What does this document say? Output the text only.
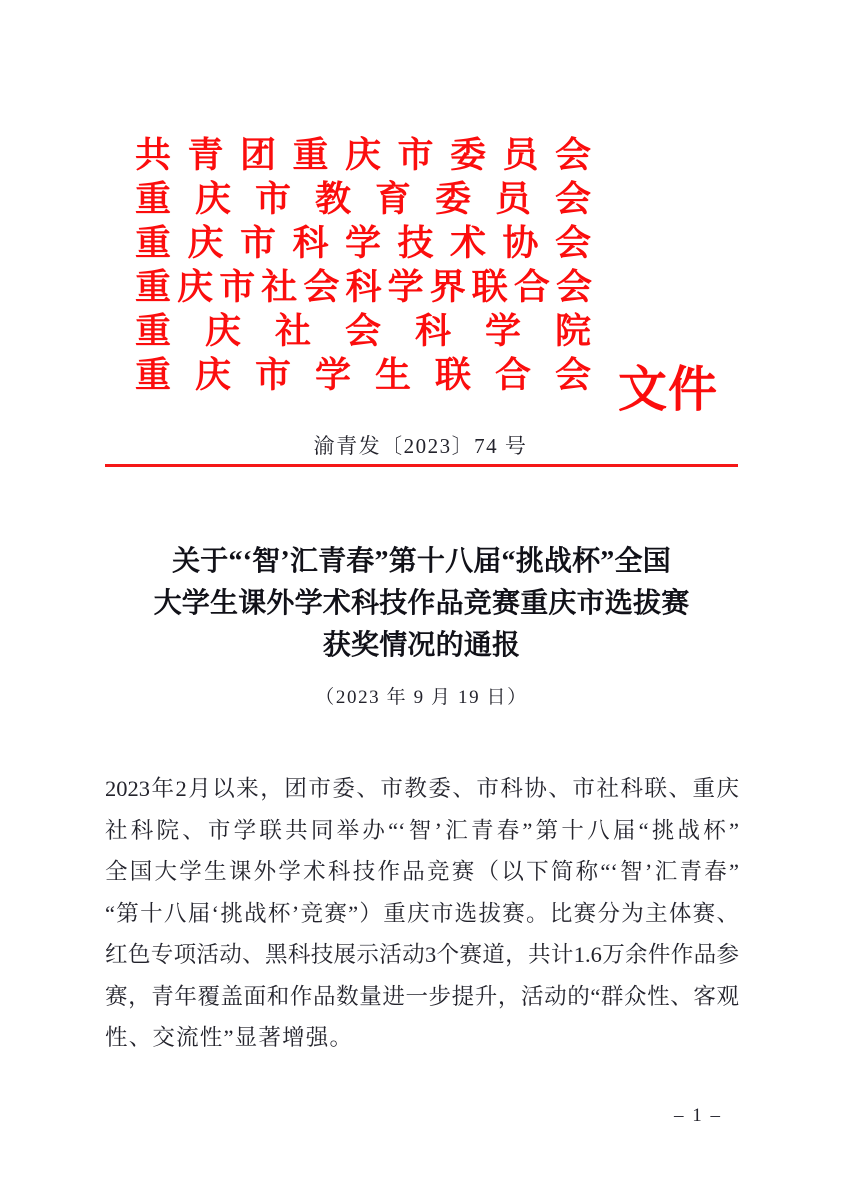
共青团重庆市委员会
重庆市教育委员会
重庆市科学技术协会
重庆市社会科学界联合会
重庆社会科学院
重庆市学生联合会 文件
渝青发〔2023〕74 号
关于“‘智’汇青春”第十八届“挑战杯”全国
大学生课外学术科技作品竞赛重庆市选拔赛
获奖情况的通报
（2023 年 9 月 19 日）
2023年2月以来，团市委、市教委、市科协、市社科联、重庆
社科院、市学联共同举办“‘智’汇青春”第十八届“挑战杯”
全国大学生课外学术科技作品竞赛（以下简称“‘智’汇青春”
“第十八届‘挑战杯’竞赛”）重庆市选拔赛。比赛分为主体赛、
红色专项活动、黑科技展示活动3个赛道，共计1.6万余件作品参
赛，青年覆盖面和作品数量进一步提升，活动的“群众性、客观
性、交流性”显著增强。
– 1 –
